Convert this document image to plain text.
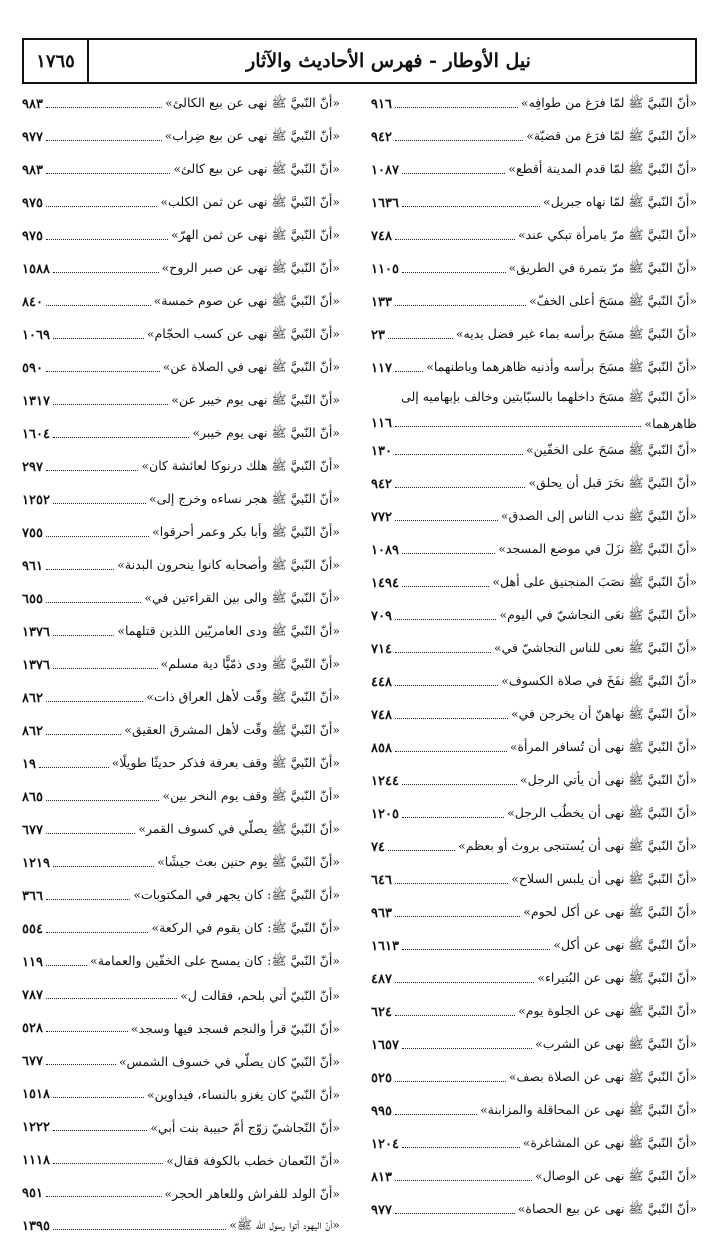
١٧٦٥	نيل الأوطار - فهرس الأحاديث والآثار
«أنّ النّبيَّ ﷺ لمّا فرَغ من طوافِه»
٩١٦
«أنّ النّبيَّ ﷺ لمّا فرَغ من قضيّة»
٩٤٢
«أنّ النّبيَّ ﷺ لمّا قدم المدينة أقطع»
١٠٨٧
«أنّ النّبيَّ ﷺ لمّا نهاه جبريل»
١٦٣٦
«أنّ النّبيَّ ﷺ مرّ بامرأة تبكي عند»
٧٤٨
«أنّ النّبيَّ ﷺ مرّ بتمرة في الطريق»
١١٠٥
«أنّ النّبيَّ ﷺ مسَحَ أعلى الخفّ»
١٣٣
«أنّ النّبيَّ ﷺ مسَحَ برأسه بماء غير فضل يديه»
٢٣
«أنّ النّبيَّ ﷺ مسَحَ برأسه وأذنيه ظاهرهما وباطنهما»
١١٧
«أنّ النّبيَّ ﷺ مسَحَ داخلهما بالسبّابتين وخالف بإبهاميه إلى
ظاهرهما»
١١٦
«أنّ النّبيَّ ﷺ مسَحَ على الخفّين»
١٣٠
«أنّ النّبيَّ ﷺ نحَرَ قبل أن يحلق»
٩٤٢
«أنّ النّبيَّ ﷺ ندب الناس إلى الصدق»
٧٧٢
«أنّ النّبيَّ ﷺ نزَلَ في موضع المسجد»
١٠٨٩
«أنّ النّبيَّ ﷺ نصَبَ المنجنيق على أهل»
١٤٩٤
«أنّ النّبيَّ ﷺ نعَى النجاشيّ في اليوم»
٧٠٩
«أنّ النّبيَّ ﷺ نعى للناس النجاشيّ في»
٧١٤
«أنّ النّبيَّ ﷺ نفَخَ في صلاة الكسوف»
٤٤٨
«أنّ النّبيَّ ﷺ نهاهنّ أن يخرجن في»
٧٤٨
«أنّ النّبيَّ ﷺ نهى أن تُسافر المرأة»
٨٥٨
«أنّ النّبيَّ ﷺ نهى أن يأتي الرجل»
١٢٤٤
«أنّ النّبيَّ ﷺ نهى أن يخطُب الرجل»
١٢٠٥
«أنّ النّبيَّ ﷺ نهى أن يُستنجى بروث أو بعظم»
٧٤
«أنّ النّبيَّ ﷺ نهى أن يلبس السلاح»
٦٤٦
«أنّ النّبيَّ ﷺ نهى عن أكل لحوم»
٩٦٣
«أنّ النّبيَّ ﷺ نهى عن أكل»
١٦١٣
«أنّ النّبيَّ ﷺ نهى عن البُتيراء»
٤٨٧
«أنّ النّبيَّ ﷺ نهى عن الجلوة يوم»
٦٢٤
«أنّ النّبيَّ ﷺ نهى عن الشرب»
١٦٥٧
«أنّ النّبيَّ ﷺ نهى عن الصلاة بصف»
٥٢٥
«أنّ النّبيَّ ﷺ نهى عن المحاقلة والمزابنة»
٩٩٥
«أنّ النّبيَّ ﷺ نهى عن المشاغرة»
١٢٠٤
«أنّ النّبيَّ ﷺ نهى عن الوصال»
٨١٣
«أنّ النّبيَّ ﷺ نهى عن بيع الحصاة»
٩٧٧
«أنّ النّبيَّ ﷺ نهى عن بيع الكالئ»
٩٨٣
«أنّ النّبيَّ ﷺ نهى عن بيع ضِراب»
٩٧٧
«أنّ النّبيَّ ﷺ نهى عن بيع كالئ»
٩٨٣
«أنّ النّبيَّ ﷺ نهى عن ثمن الكلب»
٩٧٥
«أنّ النّبيَّ ﷺ نهى عن ثمن الهرّ»
٩٧٥
«أنّ النّبيَّ ﷺ نهى عن صبر الروح»
١٥٨٨
«أنّ النّبيَّ ﷺ نهى عن صوم خمسة»
٨٤٠
«أنّ النّبيَّ ﷺ نهى عن كسب الحجّام»
١٠٦٩
«أنّ النّبيَّ ﷺ نهى في الصلاة عن»
٥٩٠
«أنّ النّبيَّ ﷺ نهى يوم خيبر عن»
١٣١٧
«أنّ النّبيَّ ﷺ نهى يوم خيبر»
١٦٠٤
«أنّ النّبيَّ ﷺ هلك درنوكا لعائشة كان»
٢٩٧
«أنّ النّبيَّ ﷺ هجر نساءه وخرج إلى»
١٢٥٢
«أنّ النّبيَّ ﷺ وأبا بكر وعمر أحرقوا»
٧٥٥
«أنّ النّبيَّ ﷺ وأصحابه كانوا ينحرون البدنة»
٩٦١
«أنّ النّبيَّ ﷺ والى بين القراءتين في»
٦٥٥
«أنّ النّبيَّ ﷺ ودى العامريّين اللذين قتلهما»
١٣٧٦
«أنّ النّبيَّ ﷺ ودى ذمّيًّا دية مسلم»
١٣٧٦
«أنّ النّبيَّ ﷺ وقّت لأهل العراق ذات»
٨٦٢
«أنّ النّبيَّ ﷺ وقّت لأهل المشرق العقيق»
٨٦٢
«أنّ النّبيَّ ﷺ وقف بعرفة فذكر حديثًا طويلًا»
١٩
«أنّ النّبيَّ ﷺ وقف يوم النحر بين»
٨٦٥
«أنّ النّبيَّ ﷺ يصلّي في كسوف القمر»
٦٧٧
«أنّ النّبيَّ ﷺ يوم حنين بعث جيشًا»
١٢١٩
«أنّ النّبيَّ ﷺ: كان يجهر في المكتوبات»
٣٦٦
«أنّ النّبيَّ ﷺ: كان يقوم في الركعة»
٥٥٤
«أنّ النّبيَّ ﷺ: كان يمسح على الخفّين والعمامة»
١١٩
«أنّ النّبيّ أتي بلحم، فقالت ل»
٧٨٧
«أنّ النّبيّ قرأ والنجم فسجد فيها وسجد»
٥٢٨
«أنّ النّبيّ كان يصلّي في خسوف الشمس»
٦٧٧
«أنّ النّبيّ كان يغزو بالنساء، فيداوين»
١٥١٨
«أنّ النّجاشيّ زوّج أمّ حبيبة بنت أبي»
١٢٢٢
«أنّ النّعمان خطب بالكوفة فقال»
١١١٨
«أنّ الولد للفراش وللعاهر الحجر»
٩٥١
«أنّ اليهود أتوا رسول الله ﷺ»
١٣٩٥
